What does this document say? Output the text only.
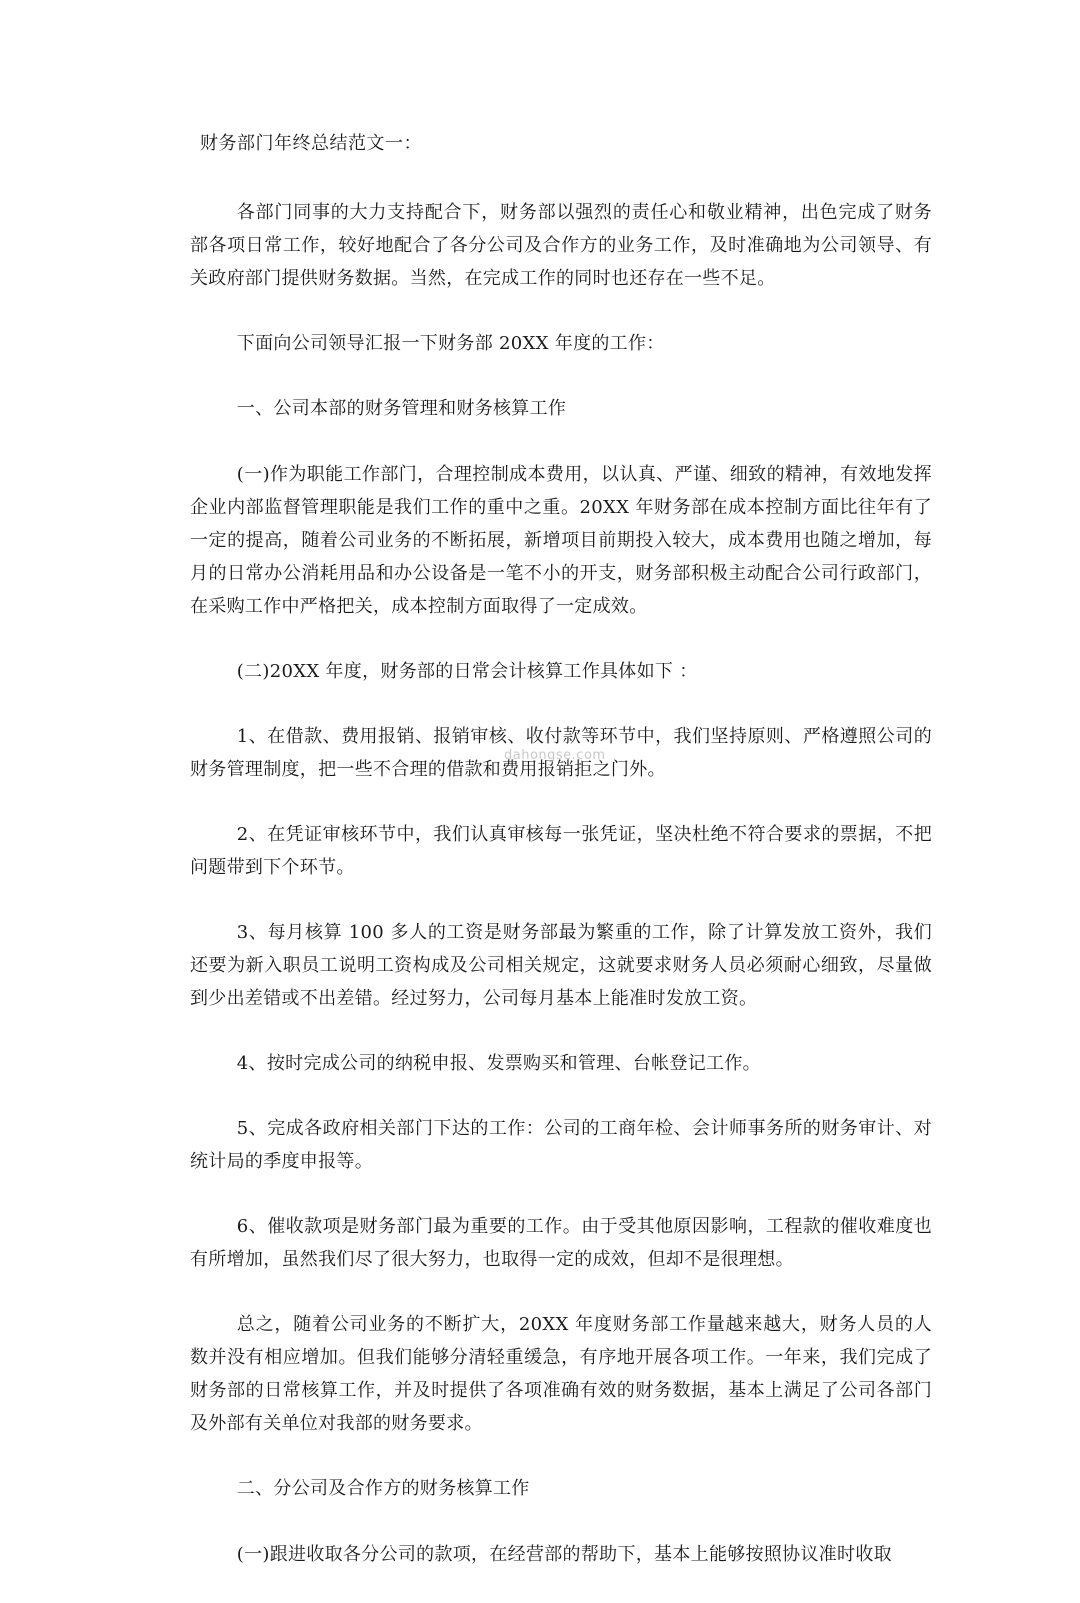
财务部门年终总结范文一：

各部门同事的大力支持配合下，财务部以强烈的责任心和敬业精神，出色完成了财务部各项日常工作，较好地配合了各分公司及合作方的业务工作，及时准确地为公司领导、有关政府部门提供财务数据。当然，在完成工作的同时也还存在一些不足。

下面向公司领导汇报一下财务部 20XX 年度的工作：

一、公司本部的财务管理和财务核算工作

(一)作为职能工作部门，合理控制成本费用，以认真、严谨、细致的精神，有效地发挥企业内部监督管理职能是我们工作的重中之重。20XX 年财务部在成本控制方面比往年有了一定的提高，随着公司业务的不断拓展，新增项目前期投入较大，成本费用也随之增加，每月的日常办公消耗用品和办公设备是一笔不小的开支，财务部积极主动配合公司行政部门，在采购工作中严格把关，成本控制方面取得了一定成效。

(二)20XX 年度，财务部的日常会计核算工作具体如下 ：

1、在借款、费用报销、报销审核、收付款等环节中，我们坚持原则、严格遵照公司的财务管理制度，把一些不合理的借款和费用报销拒之门外。

2、在凭证审核环节中，我们认真审核每一张凭证，坚决杜绝不符合要求的票据，不把问题带到下个环节。

3、每月核算 100 多人的工资是财务部最为繁重的工作，除了计算发放工资外，我们还要为新入职员工说明工资构成及公司相关规定，这就要求财务人员必须耐心细致，尽量做到少出差错或不出差错。经过努力，公司每月基本上能准时发放工资。

4、按时完成公司的纳税申报、发票购买和管理、台帐登记工作。

5、完成各政府相关部门下达的工作：公司的工商年检、会计师事务所的财务审计、对统计局的季度申报等。

6、催收款项是财务部门最为重要的工作。由于受其他原因影响，工程款的催收难度也有所增加，虽然我们尽了很大努力，也取得一定的成效，但却不是很理想。

总之，随着公司业务的不断扩大，20XX 年度财务部工作量越来越大，财务人员的人数并没有相应增加。但我们能够分清轻重缓急，有序地开展各项工作。一年来，我们完成了财务部的日常核算工作，并及时提供了各项准确有效的财务数据，基本上满足了公司各部门及外部有关单位对我部的财务要求。

二、分公司及合作方的财务核算工作

(一)跟进收取各分公司的款项，在经营部的帮助下，基本上能够按照协议准时收取

dahongse.com
